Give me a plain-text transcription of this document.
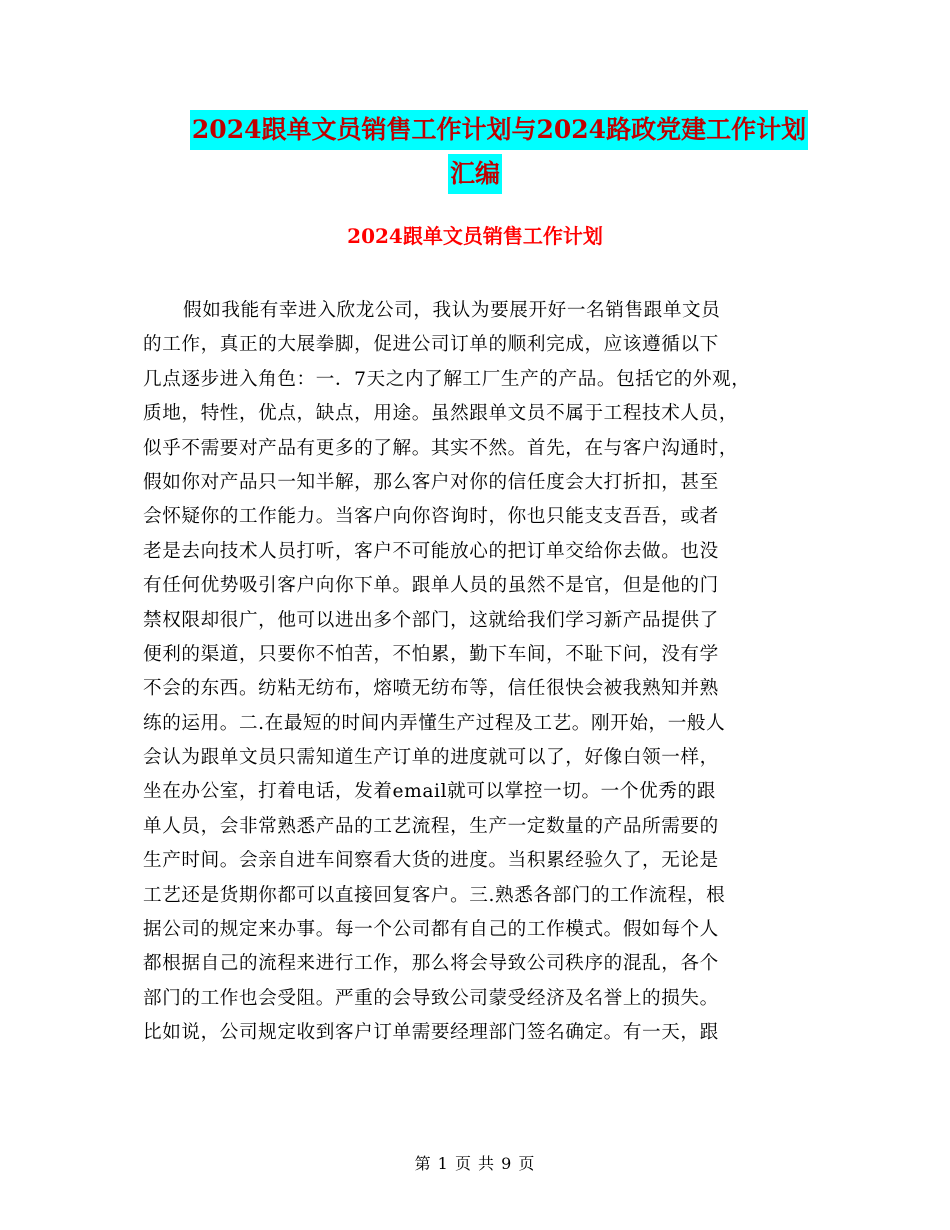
2024跟单文员销售工作计划与2024路政党建工作计划
汇编
2024跟单文员销售工作计划
假如我能有幸进入欣龙公司，我认为要展开好一名销售跟单文员
的工作，真正的大展拳脚，促进公司订单的顺利完成，应该遵循以下
几点逐步进入角色：一．7天之内了解工厂生产的产品。包括它的外观，
质地，特性，优点，缺点，用途。虽然跟单文员不属于工程技术人员，
似乎不需要对产品有更多的了解。其实不然。首先，在与客户沟通时，
假如你对产品只一知半解，那么客户对你的信任度会大打折扣，甚至
会怀疑你的工作能力。当客户向你咨询时，你也只能支支吾吾，或者
老是去向技术人员打听，客户不可能放心的把订单交给你去做。也没
有任何优势吸引客户向你下单。跟单人员的虽然不是官，但是他的门
禁权限却很广，他可以进出多个部门，这就给我们学习新产品提供了
便利的渠道，只要你不怕苦，不怕累，勤下车间，不耻下问，没有学
不会的东西。纺粘无纺布，熔喷无纺布等，信任很快会被我熟知并熟
练的运用。二.在最短的时间内弄懂生产过程及工艺。刚开始，一般人
会认为跟单文员只需知道生产订单的进度就可以了，好像白领一样，
坐在办公室，打着电话，发着email就可以掌控一切。一个优秀的跟
单人员，会非常熟悉产品的工艺流程，生产一定数量的产品所需要的
生产时间。会亲自进车间察看大货的进度。当积累经验久了，无论是
工艺还是货期你都可以直接回复客户。三.熟悉各部门的工作流程，根
据公司的规定来办事。每一个公司都有自己的工作模式。假如每个人
都根据自己的流程来进行工作，那么将会导致公司秩序的混乱，各个
部门的工作也会受阻。严重的会导致公司蒙受经济及名誉上的损失。
比如说，公司规定收到客户订单需要经理部门签名确定。有一天，跟
第 1 页 共 9 页
